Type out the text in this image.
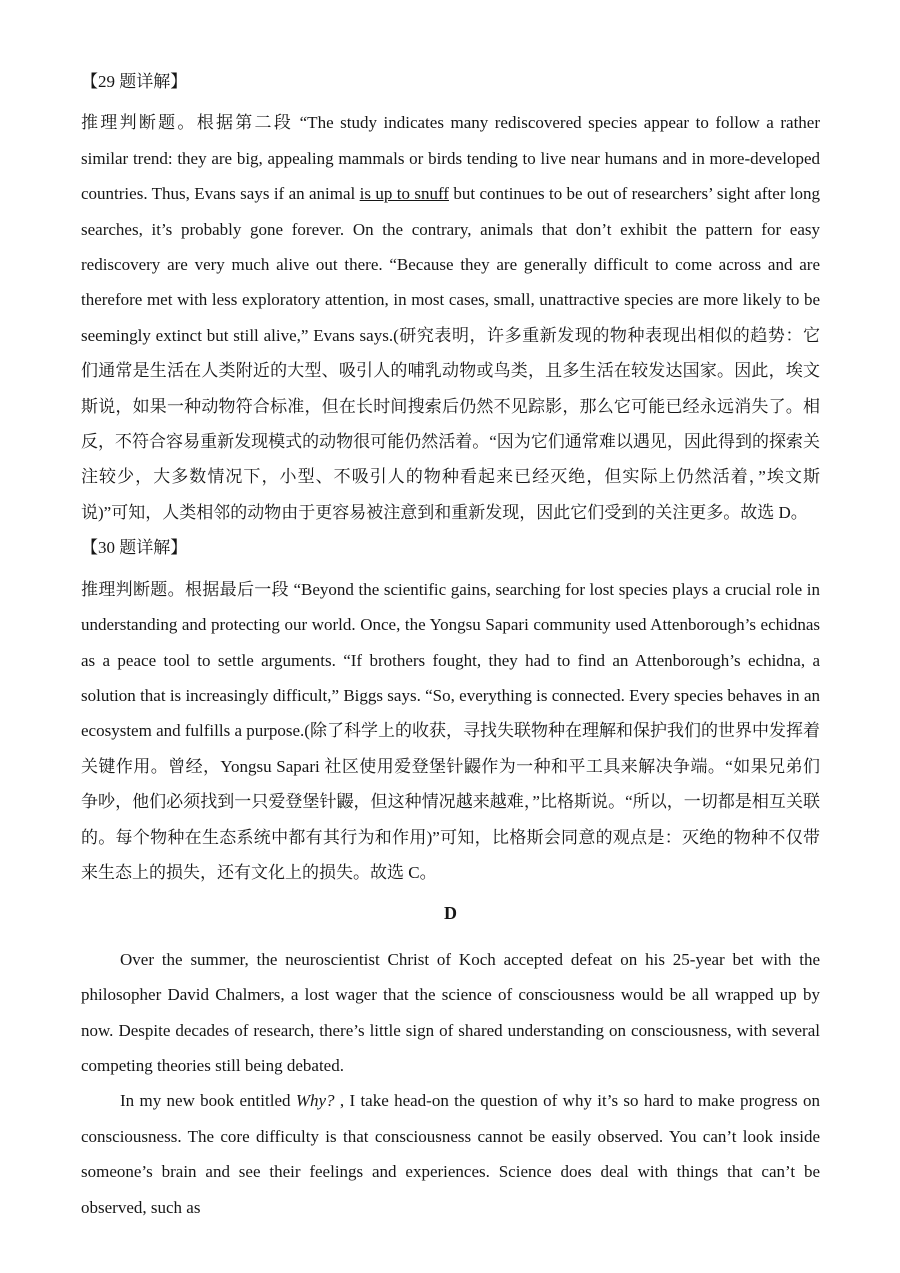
【29 题详解】

推理判断题。根据第二段 “The study indicates many rediscovered species appear to follow a rather similar trend: they are big, appealing mammals or birds tending to live near humans and in more-developed countries. Thus, Evans says if an animal is up to snuff but continues to be out of researchers’ sight after long searches, it’s probably gone forever. On the contrary, animals that don’t exhibit the pattern for easy rediscovery are very much alive out there. “Because they are generally difficult to come across and are therefore met with less exploratory attention, in most cases, small, unattractive species are more likely to be seemingly extinct but still alive,” Evans says.(研究表明，许多重新发现的物种表现出相似的趋势：它们通常是生活在人类附近的大型、吸引人的哺乳动物或鸟类，且多生活在较发达国家。因此，埃文斯说，如果一种动物符合标准，但在长时间搜索后仍然不见踪影，那么它可能已经永远消失了。相反，不符合容易重新发现模式的动物很可能仍然活着。“因为它们通常难以遇见，因此得到的探索关注较少，大多数情况下，小型、不吸引人的物种看起来已经灭绝，但实际上仍然活着，”埃文斯说)”可知，人类相邻的动物由于更容易被注意到和重新发现，因此它们受到的关注更多。故选 D。

【30 题详解】

推理判断题。根据最后一段 “Beyond the scientific gains, searching for lost species plays a crucial role in understanding and protecting our world. Once, the Yongsu Sapari community used Attenborough’s echidnas as a peace tool to settle arguments. “If brothers fought, they had to find an Attenborough’s echidna, a solution that is increasingly difficult,” Biggs says. “So, everything is connected. Every species behaves in an ecosystem and fulfills a purpose.(除了科学上的收获，寻找失联物种在理解和保护我们的世界中发挥着关键作用。曾经，Yongsu Sapari 社区使用爱登堡针鼹作为一种和平工具来解决争端。“如果兄弟们争吵，他们必须找到一只爱登堡针鼹，但这种情况越来越难，”比格斯说。“所以，一切都是相互关联的。每个物种在生态系统中都有其行为和作用)”可知，比格斯会同意的观点是：灭绝的物种不仅带来生态上的损失，还有文化上的损失。故选 C。

D

Over the summer, the neuroscientist Christ of Koch accepted defeat on his 25-year bet with the philosopher David Chalmers, a lost wager that the science of consciousness would be all wrapped up by now. Despite decades of research, there’s little sign of shared understanding on consciousness, with several competing theories still being debated.

In my new book entitled Why? , I take head-on the question of why it’s so hard to make progress on consciousness. The core difficulty is that consciousness cannot be easily observed. You can’t look inside someone’s brain and see their feelings and experiences. Science does deal with things that can’t be observed, such as
